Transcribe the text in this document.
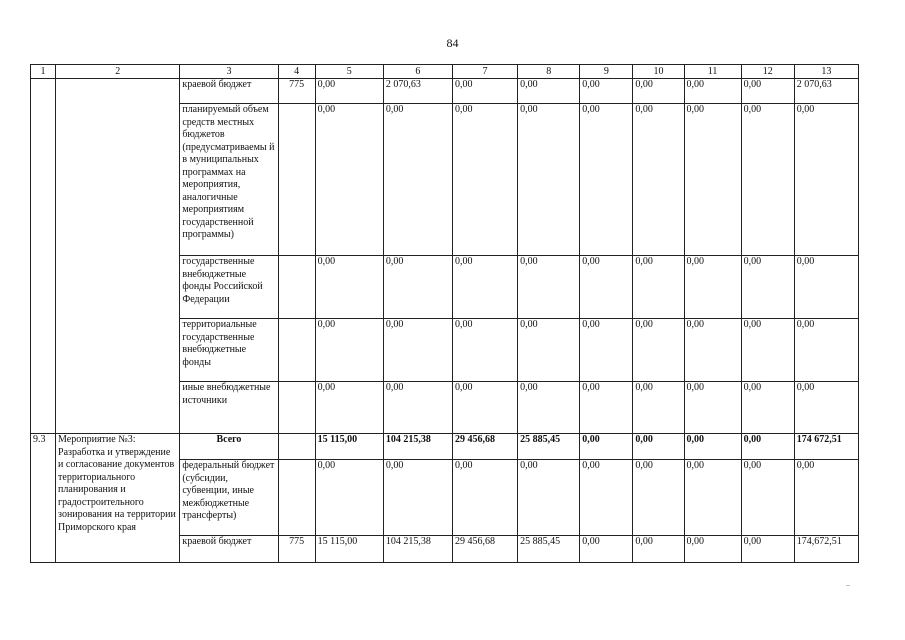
84
1	2	3	4	5	6	7	8	9	10	11	12	13
		краевой бюджет	775	0,00	2 070,63	0,00	0,00	0,00	0,00	0,00	0,00	2 070,63
		планируемый объем средств местных бюджетов (предусматриваемы й в муниципальных программах на мероприятия, аналогичные мероприятиям государственной программы)		0,00	0,00	0,00	0,00	0,00	0,00	0,00	0,00	0,00
		государственные внебюджетные фонды Российской Федерации		0,00	0,00	0,00	0,00	0,00	0,00	0,00	0,00	0,00
		территориальные государственные внебюджетные фонды		0,00	0,00	0,00	0,00	0,00	0,00	0,00	0,00	0,00
		иные внебюджетные источники		0,00	0,00	0,00	0,00	0,00	0,00	0,00	0,00	0,00
9.3	Мероприятие №3: Разработка и утверждение и согласование документов территориального планирования и градостроительного зонирования на территории Приморского края	Всего		15 115,00	104 215,38	29 456,68	25 885,45	0,00	0,00	0,00	0,00	174 672,51
		федеральный бюджет (субсидии, субвенции, иные межбюджетные трансферты)		0,00	0,00	0,00	0,00	0,00	0,00	0,00	0,00	0,00
		краевой бюджет	775	15 115,00	104 215,38	29 456,68	25 885,45	0,00	0,00	0,00	0,00	174,672,51
